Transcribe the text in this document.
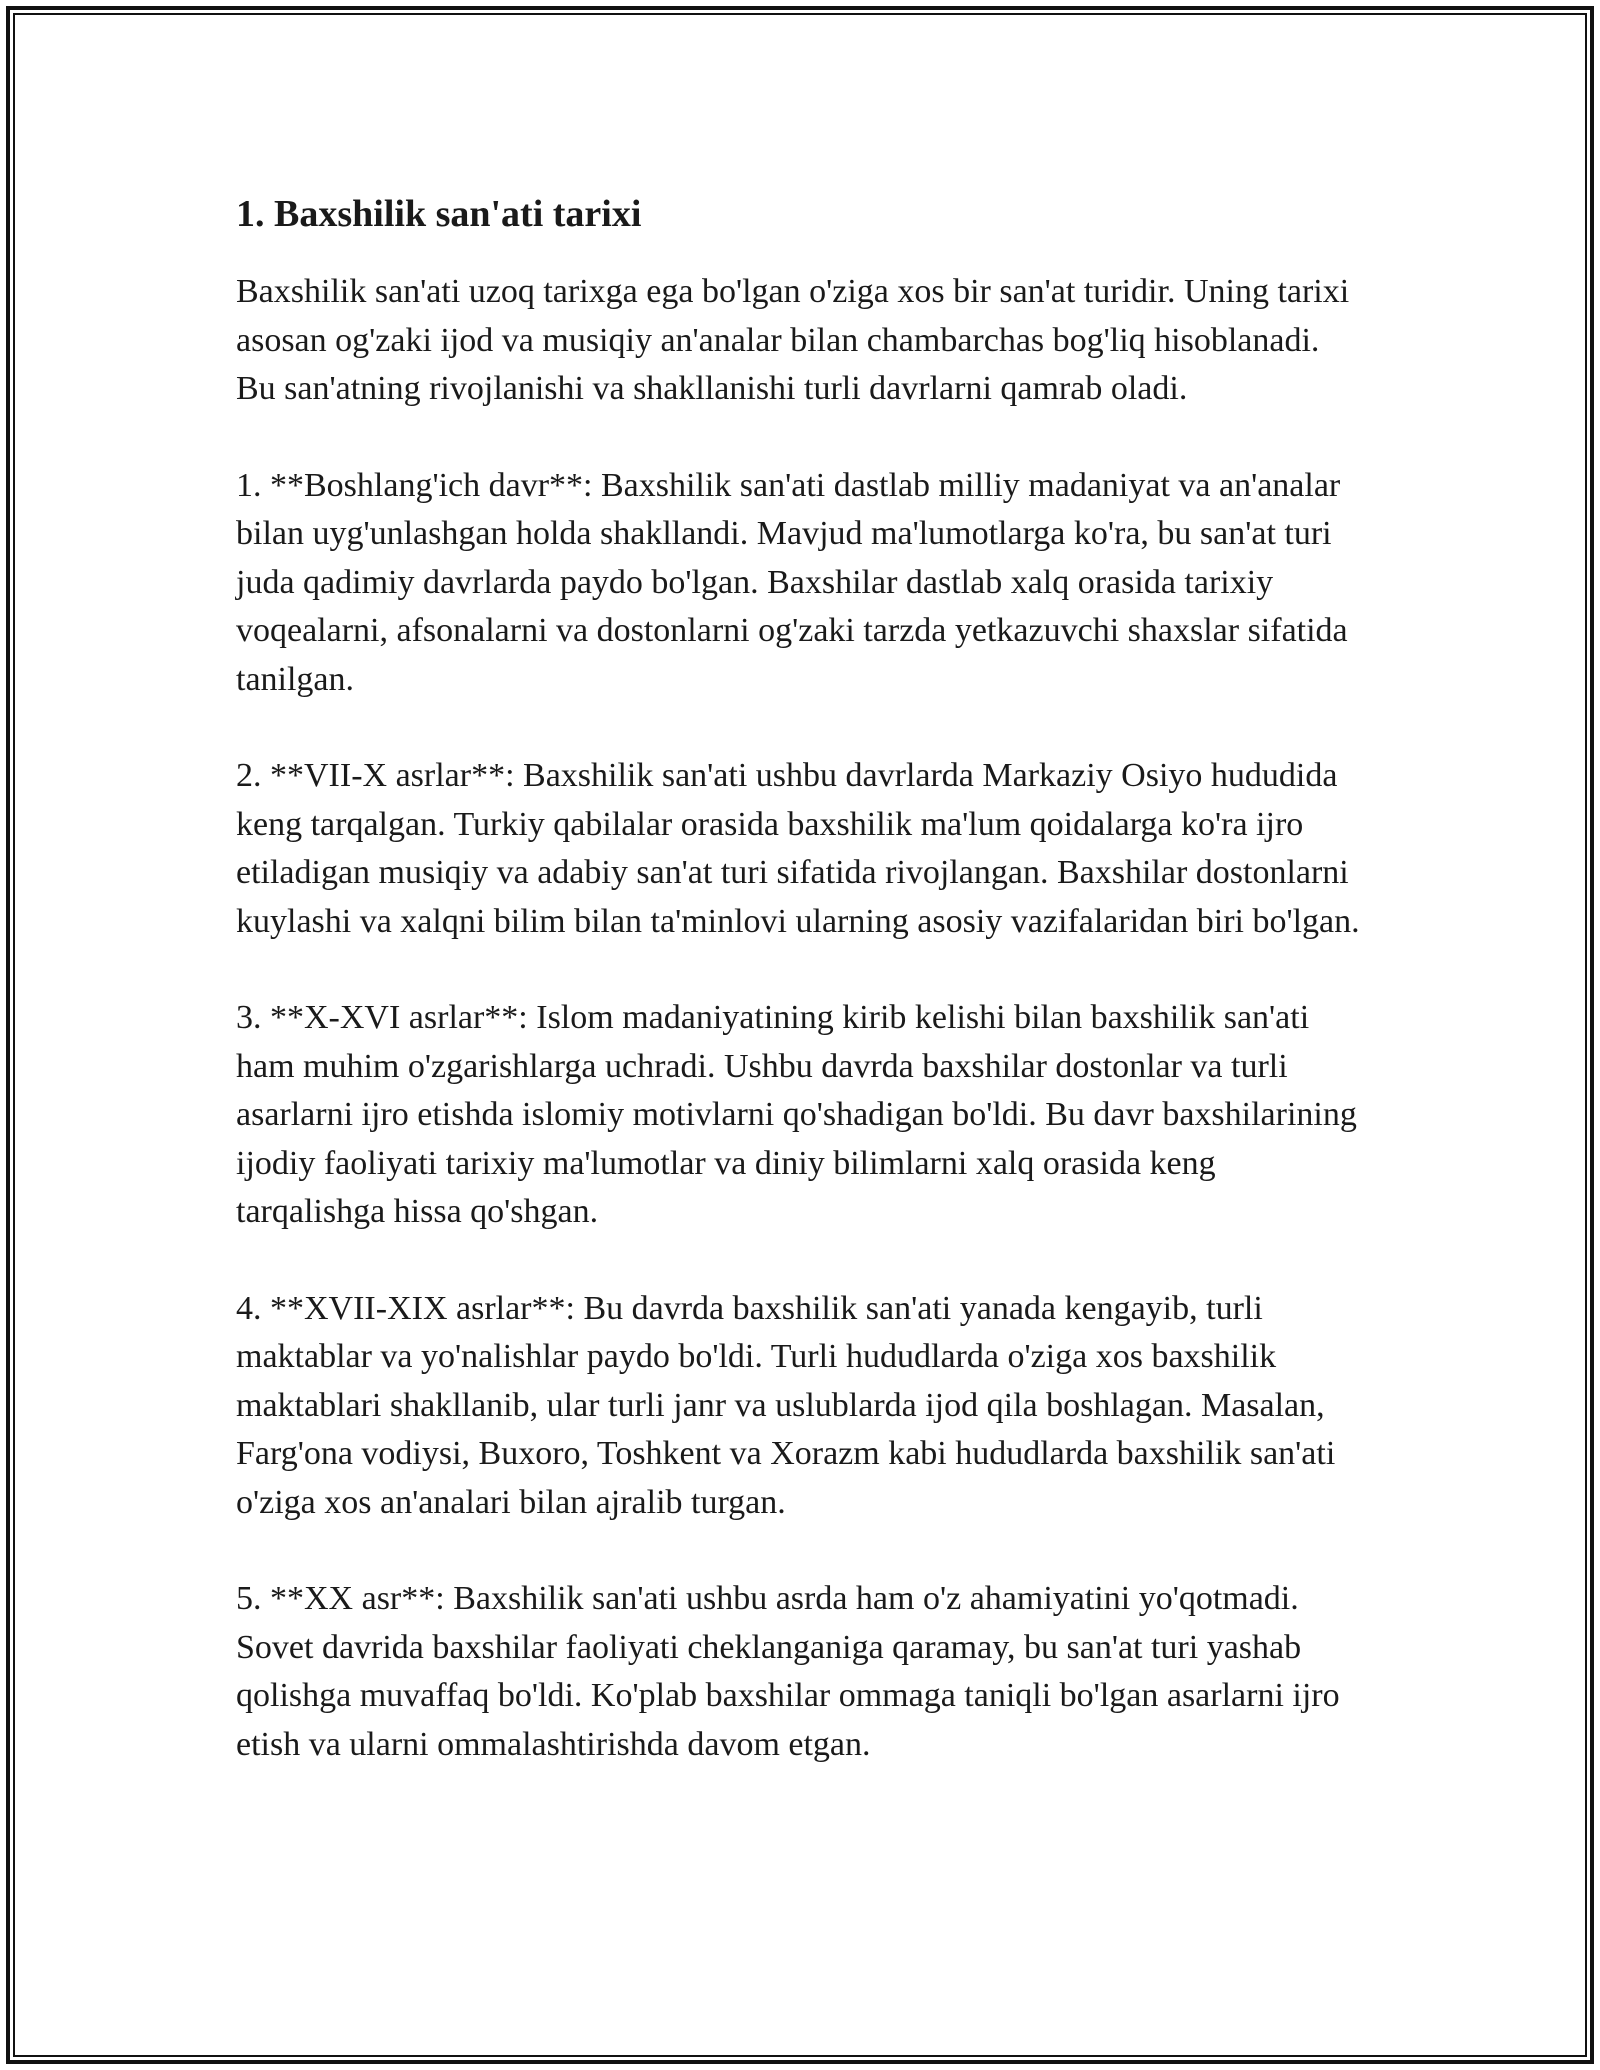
1. Baxshilik san'ati tarixi

Baxshilik san'ati uzoq tarixga ega bo'lgan o'ziga xos bir san'at turidir. Uning tarixi asosan og'zaki ijod va musiqiy an'analar bilan chambarchas bog'liq hisoblanadi. Bu san'atning rivojlanishi va shakllanishi turli davrlarni qamrab oladi.

1. **Boshlang'ich davr**: Baxshilik san'ati dastlab milliy madaniyat va an'analar bilan uyg'unlashgan holda shakllandi. Mavjud ma'lumotlarga ko'ra, bu san'at turi juda qadimiy davrlarda paydo bo'lgan. Baxshilar dastlab xalq orasida tarixiy voqealarni, afsonalarni va dostonlarni og'zaki tarzda yetkazuvchi shaxslar sifatida tanilgan.

2. **VII-X asrlar**: Baxshilik san'ati ushbu davrlarda Markaziy Osiyo hududida keng tarqalgan. Turkiy qabilalar orasida baxshilik ma'lum qoidalarga ko'ra ijro etiladigan musiqiy va adabiy san'at turi sifatida rivojlangan. Baxshilar dostonlarni kuylashi va xalqni bilim bilan ta'minlovi ularning asosiy vazifalaridan biri bo'lgan.

3. **X-XVI asrlar**: Islom madaniyatining kirib kelishi bilan baxshilik san'ati ham muhim o'zgarishlarga uchradi. Ushbu davrda baxshilar dostonlar va turli asarlarni ijro etishda islomiy motivlarni qo'shadigan bo'ldi. Bu davr baxshilarining ijodiy faoliyati tarixiy ma'lumotlar va diniy bilimlarni xalq orasida keng tarqalishga hissa qo'shgan.

4. **XVII-XIX asrlar**: Bu davrda baxshilik san'ati yanada kengayib, turli maktablar va yo'nalishlar paydo bo'ldi. Turli hududlarda o'ziga xos baxshilik maktablari shakllanib, ular turli janr va uslublarda ijod qila boshlagan. Masalan, Farg'ona vodiysi, Buxoro, Toshkent va Xorazm kabi hududlarda baxshilik san'ati o'ziga xos an'analari bilan ajralib turgan.

5. **XX asr**: Baxshilik san'ati ushbu asrda ham o'z ahamiyatini yo'qotmadi. Sovet davrida baxshilar faoliyati cheklanganiga qaramay, bu san'at turi yashab qolishga muvaffaq bo'ldi. Ko'plab baxshilar ommaga taniqli bo'lgan asarlarni ijro etish va ularni ommalashtirishda davom etgan.
